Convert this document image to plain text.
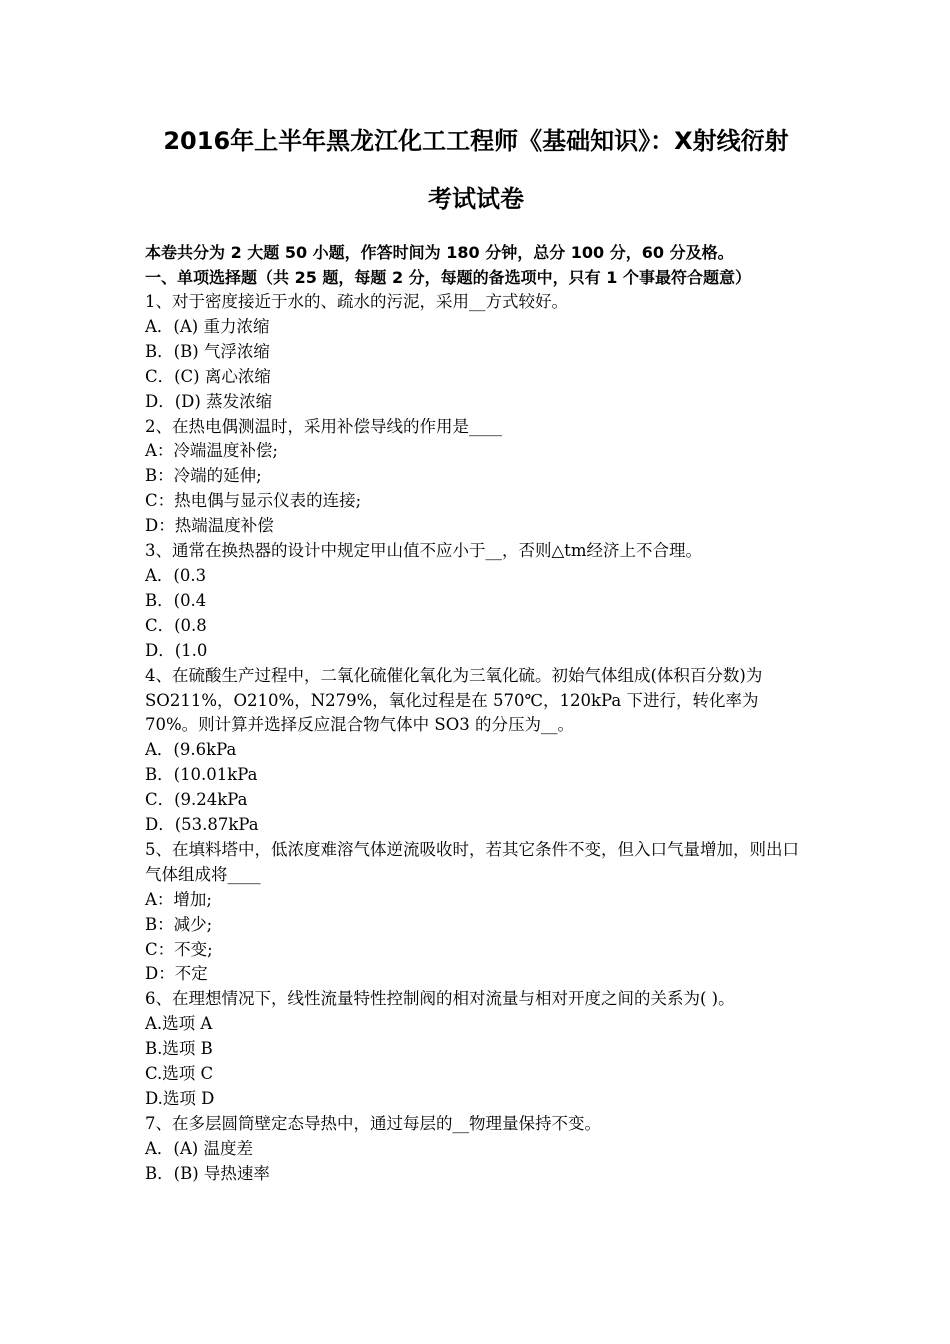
2016年上半年黑龙江化工工程师《基础知识》：X射线衍射
考试试卷
本卷共分为 2 大题 50 小题，作答时间为 180 分钟，总分 100 分，60 分及格。
一、单项选择题（共 25 题，每题 2 分，每题的备选项中，只有 1 个事最符合题意）
1、对于密度接近于水的、疏水的污泥，采用__方式较好。
A．(A) 重力浓缩
B．(B) 气浮浓缩
C．(C) 离心浓缩
D．(D) 蒸发浓缩
2、在热电偶测温时，采用补偿导线的作用是____
A：冷端温度补偿;
B：冷端的延伸;
C：热电偶与显示仪表的连接;
D：热端温度补偿
3、通常在换热器的设计中规定甲山值不应小于__，否则△tm经济上不合理。
A．(0.3
B．(0.4
C．(0.8
D．(1.0
4、在硫酸生产过程中，二氧化硫催化氧化为三氧化硫。初始气体组成(体积百分数)为 SO211%，O210%，N279%，氧化过程是在 570℃，120kPa 下进行，转化率为 70%。则计算并选择反应混合物气体中 SO3 的分压为__。
A．(9.6kPa
B．(10.01kPa
C．(9.24kPa
D．(53.87kPa
5、在填料塔中，低浓度难溶气体逆流吸收时，若其它条件不变，但入口气量增加，则出口气体组成将____
A：增加;
B：减少;
C：不变;
D：不定
6、在理想情况下，线性流量特性控制阀的相对流量与相对开度之间的关系为( )。
A.选项 A
B.选项 B
C.选项 C
D.选项 D
7、在多层圆筒壁定态导热中，通过每层的__物理量保持不变。
A．(A) 温度差
B．(B) 导热速率
